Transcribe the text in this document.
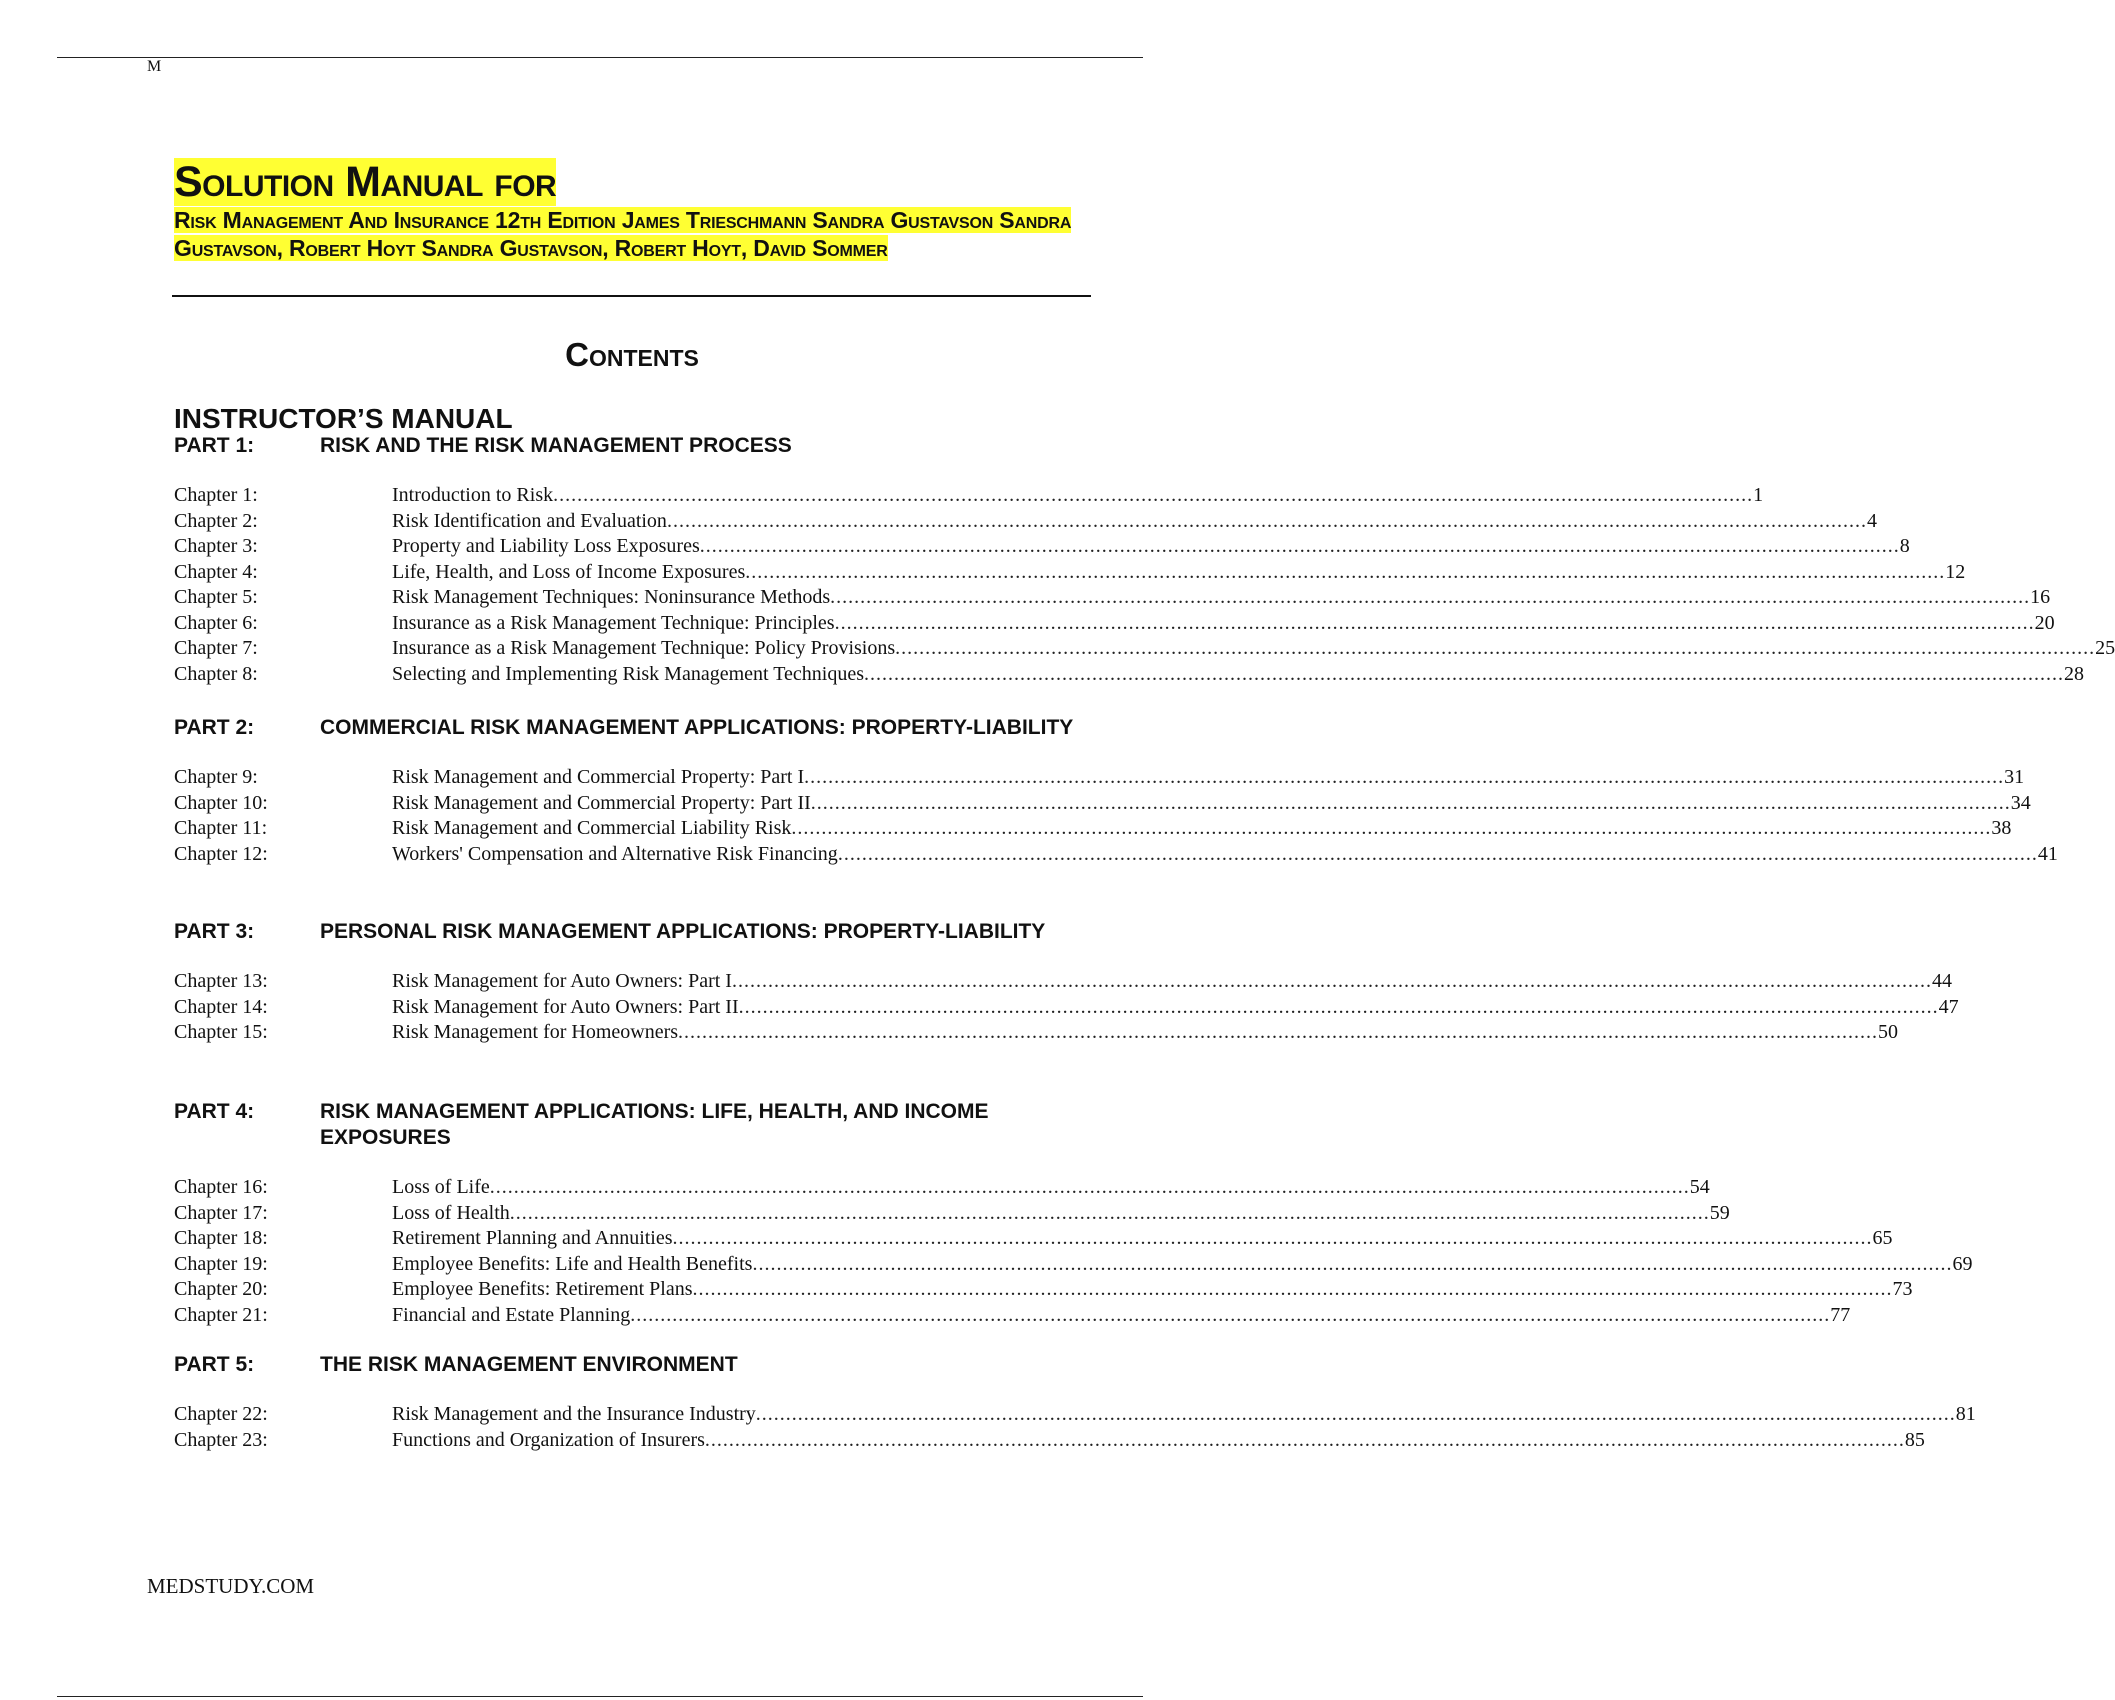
M
Solution Manual for
Risk Management And Insurance 12th Edition James Trieschmann Sandra Gustavson Sandra Gustavson, Robert Hoyt Sandra Gustavson, Robert Hoyt, David Sommer
Contents
INSTRUCTOR’S MANUAL
PART 1:	RISK AND THE RISK MANAGEMENT PROCESS
Chapter 1:	Introduction to Risk ........................................................................................................................................................................................................ 1
Chapter 2:	Risk Identification and Evaluation ........................................................................................................................................................................................................ 4
Chapter 3:	Property and Liability Loss Exposures ........................................................................................................................................................................................................ 8
Chapter 4:	Life, Health, and Loss of Income Exposures ........................................................................................................................................................................................................ 12
Chapter 5:	Risk Management Techniques: Noninsurance Methods ........................................................................................................................................................................................................ 16
Chapter 6:	Insurance as a Risk Management Technique: Principles ........................................................................................................................................................................................................ 20
Chapter 7:	Insurance as a Risk Management Technique: Policy Provisions ........................................................................................................................................................................................................ 25
Chapter 8:	Selecting and Implementing Risk Management Techniques ........................................................................................................................................................................................................ 28
PART 2:	COMMERCIAL RISK MANAGEMENT APPLICATIONS: PROPERTY-LIABILITY
Chapter 9:	Risk Management and Commercial Property: Part I ........................................................................................................................................................................................................ 31
Chapter 10:	Risk Management and Commercial Property: Part II ........................................................................................................................................................................................................ 34
Chapter 11:	Risk Management and Commercial Liability Risk ........................................................................................................................................................................................................ 38
Chapter 12:	Workers' Compensation and Alternative Risk Financing ........................................................................................................................................................................................................ 41
PART 3:	PERSONAL RISK MANAGEMENT APPLICATIONS: PROPERTY-LIABILITY
Chapter 13:	Risk Management for Auto Owners: Part I ........................................................................................................................................................................................................ 44
Chapter 14:	Risk Management for Auto Owners: Part II ........................................................................................................................................................................................................ 47
Chapter 15:	Risk Management for Homeowners ........................................................................................................................................................................................................ 50
PART 4:	RISK MANAGEMENT APPLICATIONS: LIFE, HEALTH, AND INCOME EXPOSURES
Chapter 16:	Loss of Life ........................................................................................................................................................................................................ 54
Chapter 17:	Loss of Health ........................................................................................................................................................................................................ 59
Chapter 18:	Retirement Planning and Annuities ........................................................................................................................................................................................................ 65
Chapter 19:	Employee Benefits: Life and Health Benefits ........................................................................................................................................................................................................ 69
Chapter 20:	Employee Benefits: Retirement Plans ........................................................................................................................................................................................................ 73
Chapter 21:	Financial and Estate Planning ........................................................................................................................................................................................................ 77
PART 5:	THE RISK MANAGEMENT ENVIRONMENT
Chapter 22:	Risk Management and the Insurance Industry ........................................................................................................................................................................................................ 81
Chapter 23:	Functions and Organization of Insurers ........................................................................................................................................................................................................ 85
MEDSTUDY.COM
